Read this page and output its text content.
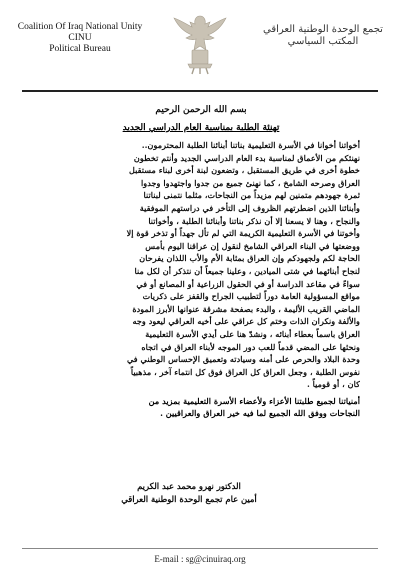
Coalition Of Iraq National Unity
CINU
Political Bureau
تجمع الوحدة الوطنية العراقي
المكتب السياسي
بسم الله الرحمن الرحيم
تهنئة الطلبة بمناسبة العام الدراسي الجديد
أخواتنا أخوانا في الأسرة التعليمية بناتنا أبنائنا الطلبة المحترمون..
نهنئكم من الأعماق لمناسبة بدء العام الدراسي الجديد وأنتم تخطون
خطوة أخرى في طريق المستقبل ، وتضعون لبنة أخرى لبناء مستقبل
العراق وصرحه الشامخ ، كما نهنئ جميع من جدوا واجتهدوا وجدوا
ثمرة جهودهم متمنين لهم مزيداً من النجاحات، مثلما نتمنى لبناتنا
وأبنائنا الذين اضطرتهم الظروف إلى التأخر في دراستهم الموفقية
والنجاح ، وهنا لا يسعنا إلا أن نذكر بناتنا وأبنائنا الطلبة ، وأخواتنا
وأخوتنا في الأسرة التعليمية الكريمة التي لم تأل جهداً أو تذخر قوة إلا
ووضعتها في البناء العراقي الشامخ لنقول إن عراقنا اليوم بأمس
الحاجة لكم ولجهودكم وإن العراق بمثابة الأم والأب اللذان يفرحان
لنجاح أبنائهما في شتى الميادين ، وعلينا جميعاً أن نتذكر أن لكل منا
سواءً في مقاعد الدراسة أو في الحقول الزراعية أو المصانع أو في
مواقع المسؤولية العامة دوراً لتطبيب الجراح والقفز على ذكريات
الماضي القريب الأليمة ، والبدء بصفحة مشرقة عنوانها الأبرز المودة
والألفة ونكران الذات وختم كل عراقي على أخيه العراقي ليعود وجه
العراق باسماً بعطاء أبنائه ، ونشدّ هنا على أيدي الأسرة التعليمية
ونحثها على المضي قدماً للعب دور الموجه لأبناء العراق في اتجاه
وحدة البلاد والحرص على أمنه وسيادته وتعميق الإحساس الوطني في
نفوس الطلبة ، وجعل العراق كل العراق فوق كل انتماء آخر ، مذهبياً
كان ، أو قومياً .
أمنياتنا لجميع طلبتنا الأعزاء ولأعضاء الأسرة التعليمية بمزيد من
النجاحات ووفق الله الجميع لما فيه خير العراق والعراقيين .
الدكتور نهرو محمد عبد الكريم
أمين عام تجمع الوحدة الوطنية العراقي
E-mail : sg@cinuiraq.org
